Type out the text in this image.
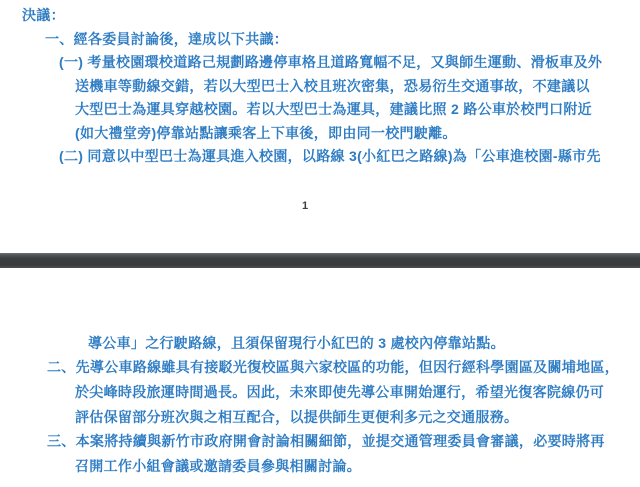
決議：
一、經各委員討論後，達成以下共識：
(一) 考量校園環校道路己規劃路邊停車格且道路寬幅不足，又與師生運動、滑板車及外
送機車等動線交錯，若以大型巴士入校且班次密集，恐易衍生交通事故，不建議以
大型巴士為運具穿越校園。若以大型巴士為運具，建議比照 2 路公車於校門口附近
(如大禮堂旁)停靠站點讓乘客上下車後，即由同一校門駛離。
(二) 同意以中型巴士為運具進入校園，以路線 3(小紅巴之路線)為「公車進校園-縣市先
1
導公車」之行駛路線，且須保留現行小紅巴的 3 處校內停靠站點。
二、先導公車路線雖具有接駁光復校區與六家校區的功能，但因行經科學園區及關埔地區，
於尖峰時段旅運時間過長。因此，未來即使先導公車開始運行，希望光復客院線仍可
評估保留部分班次與之相互配合，以提供師生更便利多元之交通服務。
三、本案將持續與新竹市政府開會討論相關細節，並提交通管理委員會審議，必要時將再
召開工作小組會議或邀請委員參與相關討論。
